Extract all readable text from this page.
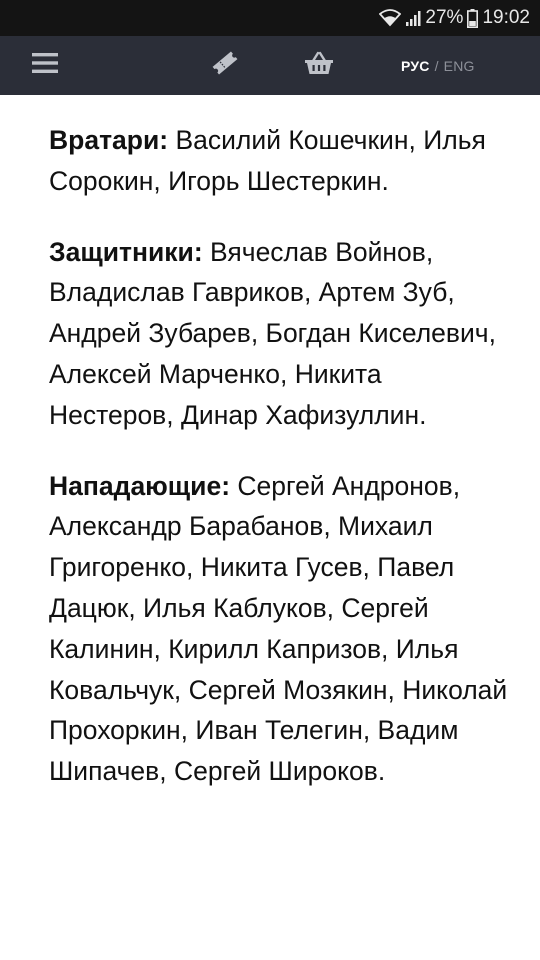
27% 19:02
РУС / ENG

Вратари: Василий Кошечкин, Илья Сорокин, Игорь Шестеркин.

Защитники: Вячеслав Войнов, Владислав Гавриков, Артем Зуб, Андрей Зубарев, Богдан Киселевич, Алексей Марченко, Никита Нестеров, Динар Хафизуллин.

Нападающие: Сергей Андронов, Александр Барабанов, Михаил Григоренко, Никита Гусев, Павел Дацюк, Илья Каблуков, Сергей Калинин, Кирилл Капризов, Илья Ковальчук, Сергей Мозякин, Николай Прохоркин, Иван Телегин, Вадим Шипачев, Сергей Широков.
